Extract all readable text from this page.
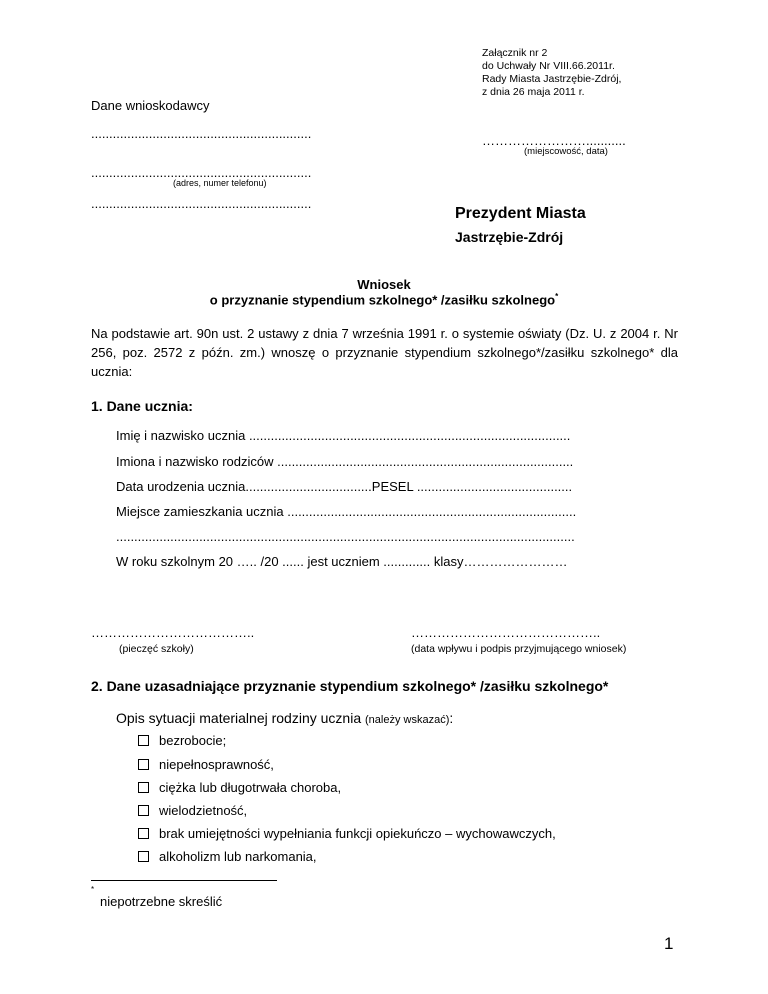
Załącznik nr 2
do Uchwały Nr VIII.66.2011r.
Rady Miasta Jastrzębie-Zdrój,
z dnia 26 maja 2011 r.
Dane wnioskodawcy
.............................................................
.............................................................
(adres, numer telefonu)
.............................................................
……………………...........
(miejscowość, data)
Prezydent Miasta
Jastrzębie-Zdrój
Wniosek
o przyznanie stypendium szkolnego* /zasiłku szkolnego*
Na podstawie art. 90n ust. 2 ustawy z dnia 7 września 1991 r. o systemie oświaty (Dz. U. z 2004 r. Nr 256, poz. 2572 z późn. zm.) wnoszę o przyznanie stypendium szkolnego*/zasiłku szkolnego* dla ucznia:
1. Dane ucznia:
Imię i nazwisko ucznia .........................................................................................
Imiona i nazwisko rodziców ..................................................................................
Data urodzenia ucznia...................................PESEL ...........................................
Miejsce zamieszkania ucznia ................................................................................
...............................................................................................................................
W roku szkolnym 20 ….. /20 ...... jest uczniem ............. klasy……………………
………………………………..
(pieczęć szkoły)
……………………………………..
(data wpływu i podpis przyjmującego wniosek)
2. Dane uzasadniające przyznanie stypendium szkolnego* /zasiłku szkolnego*
Opis sytuacji materialnej rodziny ucznia (należy wskazać):
bezrobocie;
niepełnosprawność,
ciężka lub długotrwała choroba,
wielodzietność,
brak umiejętności wypełniania funkcji opiekuńczo – wychowawczych,
alkoholizm lub narkomania,
*
niepotrzebne skreślić
1
